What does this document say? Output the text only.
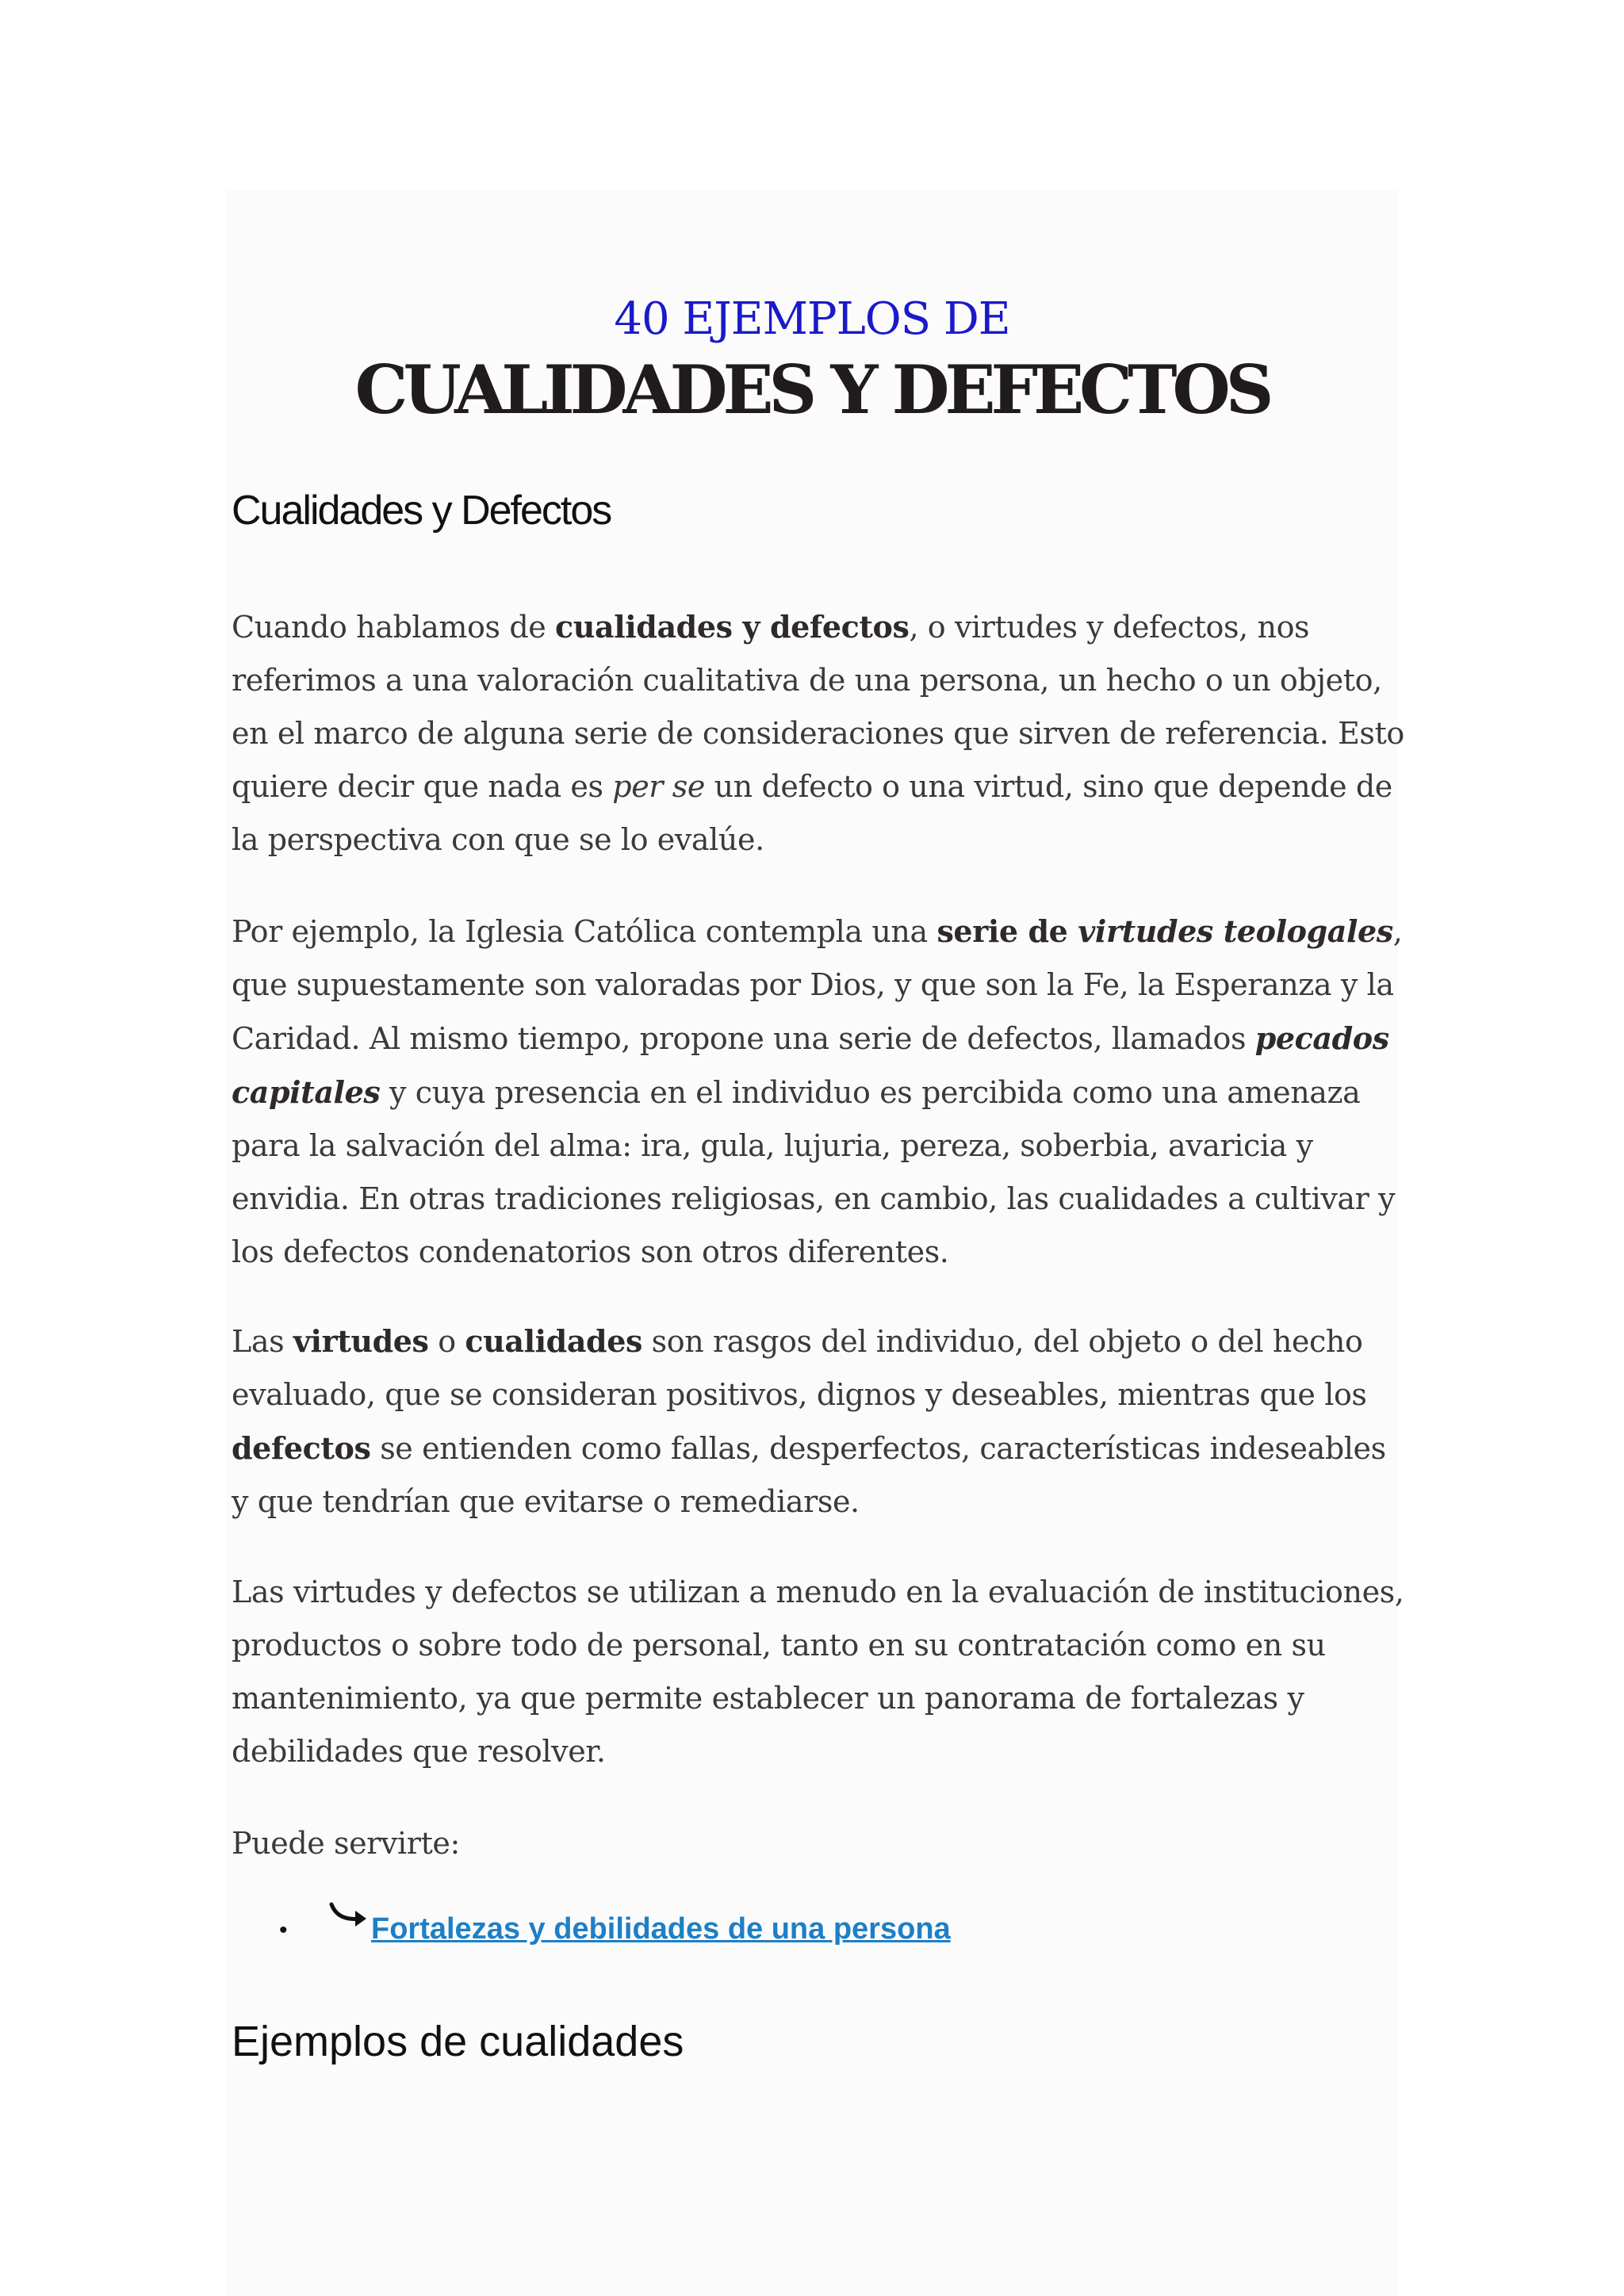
40 EJEMPLOS DE
CUALIDADES Y DEFECTOS
Cualidades y Defectos

Cuando hablamos de cualidades y defectos, o virtudes y defectos, nos referimos a una valoración cualitativa de una persona, un hecho o un objeto, en el marco de alguna serie de consideraciones que sirven de referencia. Esto quiere decir que nada es per se un defecto o una virtud, sino que depende de la perspectiva con que se lo evalúe.

Por ejemplo, la Iglesia Católica contempla una serie de virtudes teologales, que supuestamente son valoradas por Dios, y que son la Fe, la Esperanza y la Caridad. Al mismo tiempo, propone una serie de defectos, llamados pecados capitales y cuya presencia en el individuo es percibida como una amenaza para la salvación del alma: ira, gula, lujuria, pereza, soberbia, avaricia y envidia. En otras tradiciones religiosas, en cambio, las cualidades a cultivar y los defectos condenatorios son otros diferentes.

Las virtudes o cualidades son rasgos del individuo, del objeto o del hecho evaluado, que se consideran positivos, dignos y deseables, mientras que los defectos se entienden como fallas, desperfectos, características indeseables y que tendrían que evitarse o remediarse.

Las virtudes y defectos se utilizan a menudo en la evaluación de instituciones, productos o sobre todo de personal, tanto en su contratación como en su mantenimiento, ya que permite establecer un panorama de fortalezas y debilidades que resolver.

Puede servirte:

•	Fortalezas y debilidades de una persona
Ejemplos de cualidades
